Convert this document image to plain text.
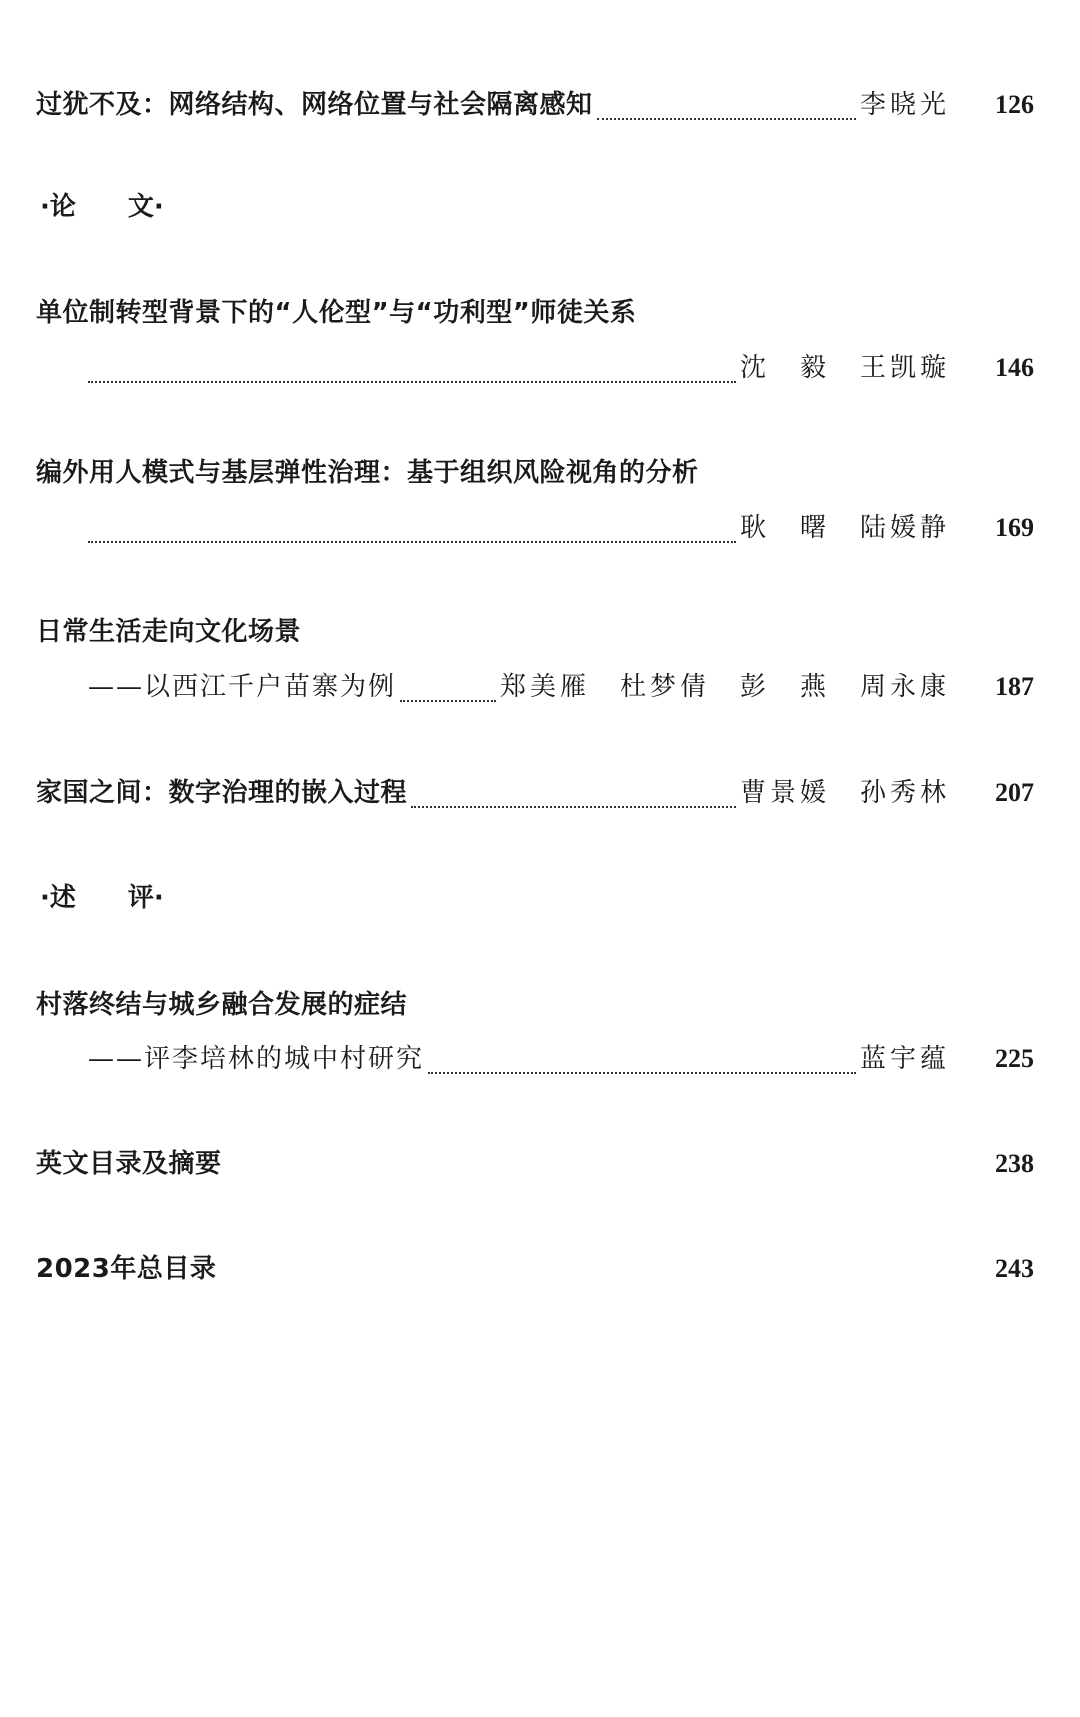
过犹不及：网络结构、网络位置与社会隔离感知	李晓光	126
·论　　文·
单位制转型背景下的“人伦型”与“功利型”师徒关系
沈　毅　王凯璇	146
编外用人模式与基层弹性治理：基于组织风险视角的分析
耿　曙　陆媛静	169
日常生活走向文化场景
——以西江千户苗寨为例	郑美雁　杜梦倩　彭　燕　周永康	187
家国之间：数字治理的嵌入过程	曹景媛　孙秀林	207
·述　　评·
村落终结与城乡融合发展的症结
——评李培林的城中村研究	蓝宇蕴	225
英文目录及摘要	238
2023年总目录	243
